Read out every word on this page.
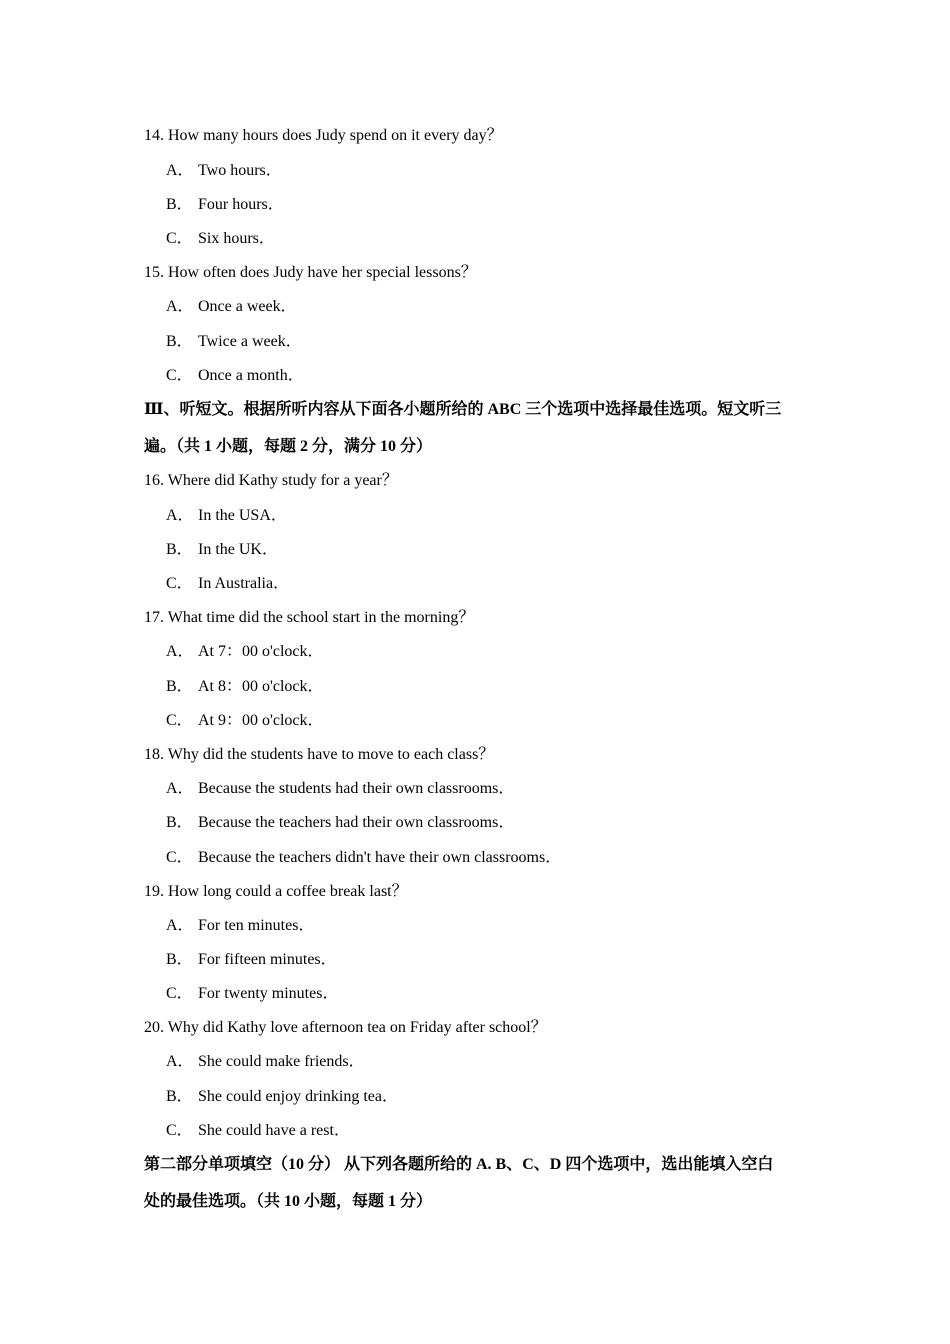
14. How many hours does Judy spend on it every day？
A． Two hours．
B． Four hours．
C． Six hours．
15. How often does Judy have her special lessons？
A． Once a week．
B． Twice a week．
C． Once a month．
Ⅲ、听短文。根据所听内容从下面各小题所给的 ABC 三个选项中选择最佳选项。短文听三
遍。（共 1 小题，每题 2 分，满分 10 分）
16. Where did Kathy study for a year？
A． In the USA．
B． In the UK．
C． In Australia．
17. What time did the school start in the morning？
A． At 7：00 o'clock．
B． At 8：00 o'clock．
C． At 9：00 o'clock．
18. Why did the students have to move to each class？
A． Because the students had their own classrooms．
B． Because the teachers had their own classrooms．
C． Because the teachers didn't have their own classrooms．
19. How long could a coffee break last？
A． For ten minutes．
B． For fifteen minutes．
C． For twenty minutes．
20. Why did Kathy love afternoon tea on Friday after school？
A． She could make friends．
B． She could enjoy drinking tea．
C． She could have a rest．
第二部分单项填空（10 分） 从下列各题所给的 A. B、C、D 四个选项中，选出能填入空白
处的最佳选项。（共 10 小题，每题 1 分）
